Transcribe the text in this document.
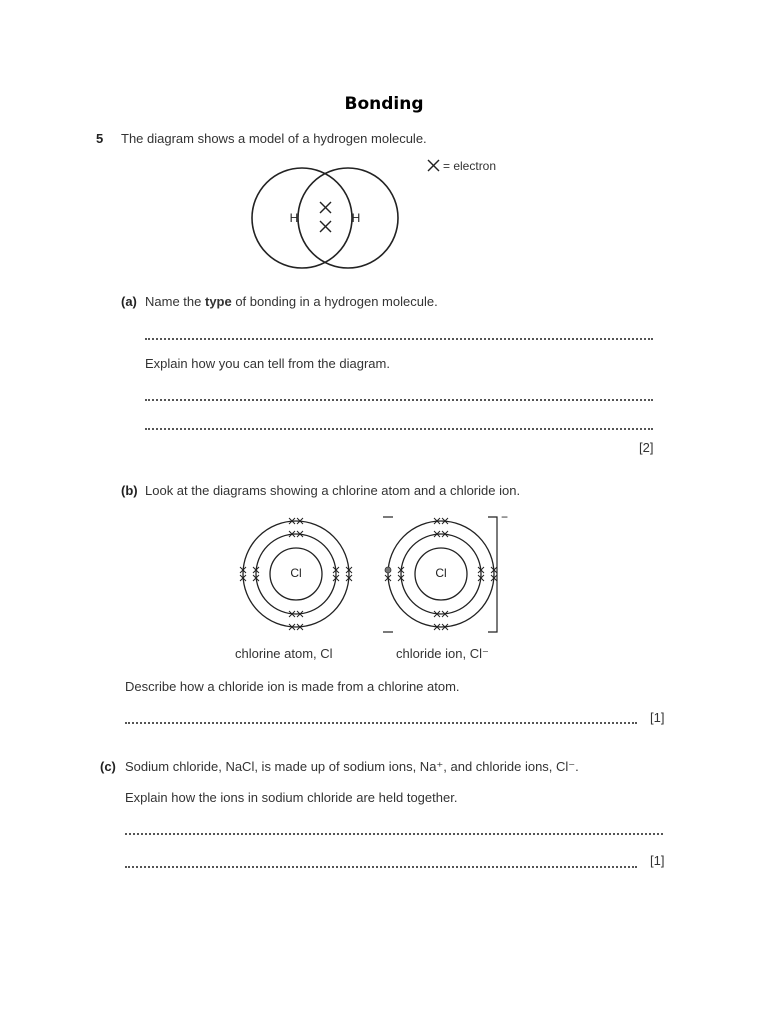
Bonding
5 The diagram shows a model of a hydrogen molecule.
H	H
= electron
(a) Name the type of bonding in a hydrogen molecule.
Explain how you can tell from the diagram.
[2]
(b) Look at the diagrams showing a chlorine atom and a chloride ion.
−
Cl	Cl
chlorine atom, Cl	chloride ion, Cl⁻
Describe how a chloride ion is made from a chlorine atom.
[1]
(c) Sodium chloride, NaCl, is made up of sodium ions, Na⁺, and chloride ions, Cl⁻.
Explain how the ions in sodium chloride are held together.
[1]
